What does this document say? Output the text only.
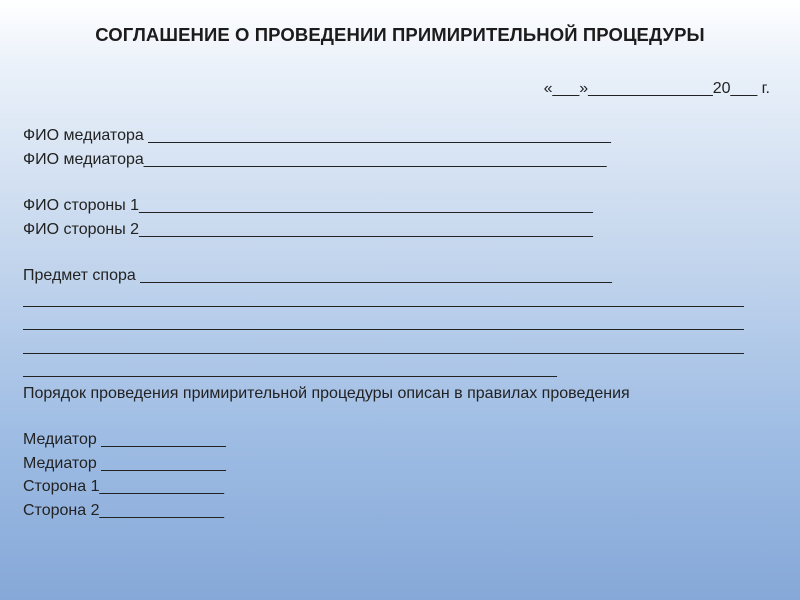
СОГЛАШЕНИЕ О ПРОВЕДЕНИИ ПРИМИРИТЕЛЬНОЙ ПРОЦЕДУРЫ
«___»______________20___ г.
ФИО медиатора ____________________________________________________
ФИО медиатора____________________________________________________
ФИО стороны 1___________________________________________________
ФИО стороны 2___________________________________________________
Предмет спора _____________________________________________________
_________________________________________________________________________________
_________________________________________________________________________________
_________________________________________________________________________________
____________________________________________________________
Порядок проведения примирительной процедуры описан в правилах проведения
Медиатор ______________
Медиатор ______________
Сторона 1______________
Сторона 2______________
